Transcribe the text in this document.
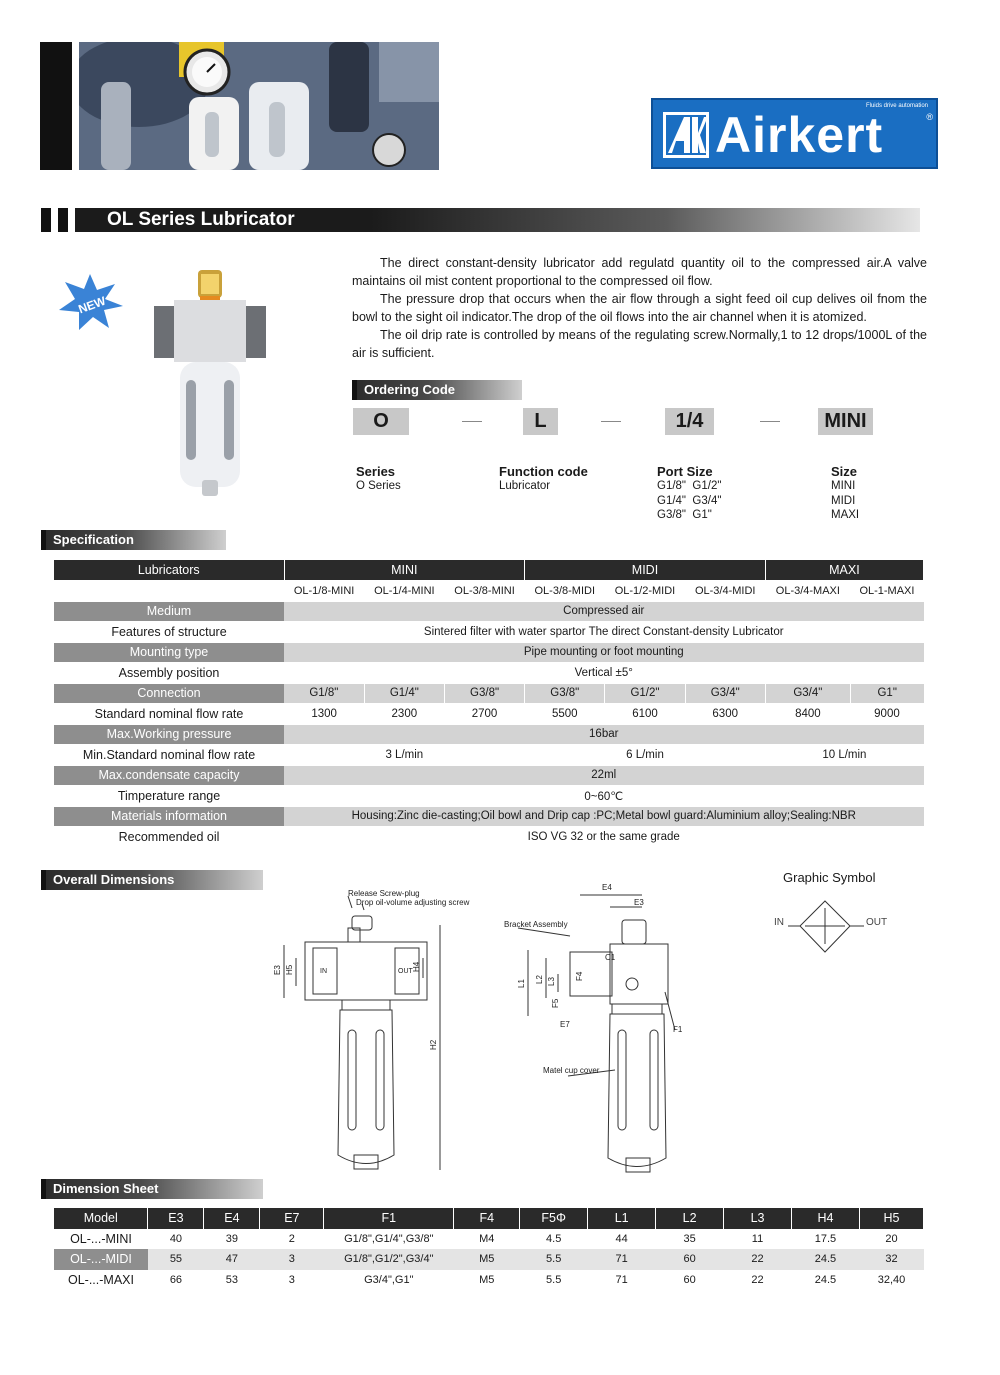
Airkert
Fluids drive automation
®
OL Series Lubricator
NEW

The direct constant-density lubricator add regulatd quantity oil to the compressed air.A valve maintains oil mist content proportional to the compressed oil flow.

The pressure drop that occurs when the air flow through a sight feed oil cup delives oil fnom the bowl to the sight oil indicator.The drop of the oil flows into the air channel when it is atomized.

The oil drip rate is controlled by means of the regulating screw.Normally,1 to 12 drops/1000L of the air is sufficient.

Ordering Code
O	L	1/4	MINI
Series
O Series
Function code
Lubricator
Port Size
G1/8"  G1/2"
G1/4"  G3/4"
G3/8"  G1"
Size
MINI
MIDI
MAXI
Specification
Lubricators	MINI			MIDI			MAXI	
	OL-1/8-MINI	OL-1/4-MINI	OL-3/8-MINI	OL-3/8-MIDI	OL-1/2-MIDI	OL-3/4-MIDI	OL-3/4-MAXI	OL-1-MAXI
Medium	Compressed air							
Features of structure	Sintered filter with water spartor The direct Constant-density Lubricator							
Mounting type	Pipe mounting or foot mounting							
Assembly position	Vertical ±5°							
Connection	G1/8"	G1/4"	G3/8"	G3/8"	G1/2"	G3/4"	G3/4"	G1"
Standard nominal flow rate	1300	2300	2700	5500	6100	6300	8400	9000
Max.Working pressure	16bar							
Min.Standard nominal flow rate	3 L/min			6 L/min			10 L/min	
Max.condensate capacity	22ml							
Timperature range	0~60℃							
Materials information	Housing:Zinc die-casting;Oil bowl and Drip cap :PC;Metal bowl guard:Aluminium alloy;Sealing:NBR							
Recommended oil	ISO VG 32 or the same grade							
Overall Dimensions
Release Screw-plug
Drop oil-volume adjusting screw
Bracket Assembly
Matel cup cover
IN	OUT
E3 H5	H4
H2
E4
E3
L1 L2 L3
F4
F5
E7
C1
F1
Graphic Symbol
IN	OUT
Dimension Sheet
Model	E3	E4	E7	F1	F4	F5Φ	L1	L2	L3	H4	H5
OL-...-MINI	40	39	2	G1/8",G1/4",G3/8"	M4	4.5	44	35	11	17.5	20
OL-...-MIDI	55	47	3	G1/8",G1/2",G3/4"	M5	5.5	71	60	22	24.5	32
OL-...-MAXI	66	53	3	G3/4",G1"	M5	5.5	71	60	22	24.5	32,40
